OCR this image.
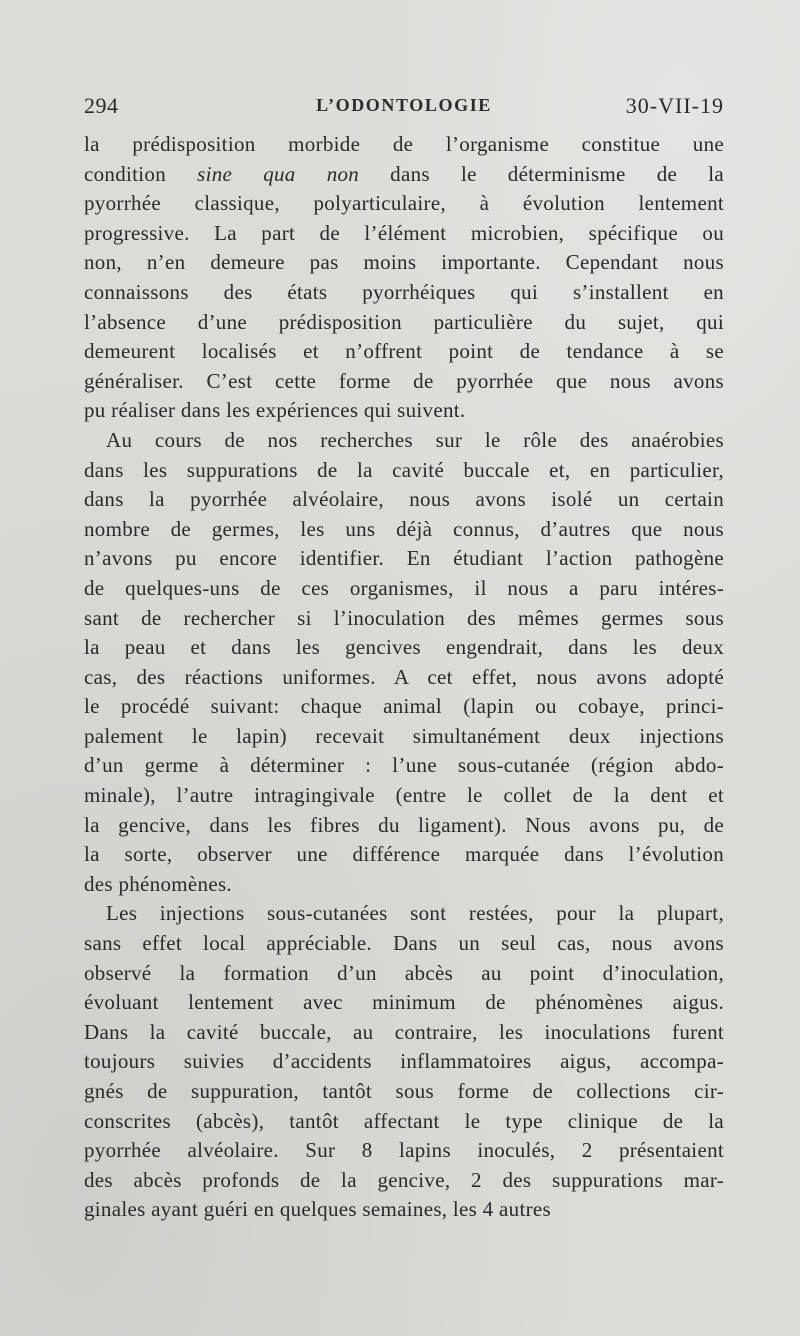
294	L’ODONTOLOGIE	30-VII-19
la prédisposition morbide de l’organisme constitue une
condition sine qua non dans le déterminisme de la
pyorrhée classique, polyarticulaire, à évolution lentement
progressive. La part de l’élément microbien, spécifique ou
non, n’en demeure pas moins importante. Cependant nous
connaissons des états pyorrhéiques qui s’installent en
l’absence d’une prédisposition particulière du sujet, qui
demeurent localisés et n’offrent point de tendance à se
généraliser. C’est cette forme de pyorrhée que nous avons
pu réaliser dans les expériences qui suivent.
Au cours de nos recherches sur le rôle des anaérobies
dans les suppurations de la cavité buccale et, en particulier,
dans la pyorrhée alvéolaire, nous avons isolé un certain
nombre de germes, les uns déjà connus, d’autres que nous
n’avons pu encore identifier. En étudiant l’action pathogène
de quelques-uns de ces organismes, il nous a paru intéres-
sant de rechercher si l’inoculation des mêmes germes sous
la peau et dans les gencives engendrait, dans les deux
cas, des réactions uniformes. A cet effet, nous avons adopté
le procédé suivant: chaque animal (lapin ou cobaye, princi-
palement le lapin) recevait simultanément deux injections
d’un germe à déterminer : l’une sous-cutanée (région abdo-
minale), l’autre intragingivale (entre le collet de la dent et
la gencive, dans les fibres du ligament). Nous avons pu, de
la sorte, observer une différence marquée dans l’évolution
des phénomènes.
Les injections sous-cutanées sont restées, pour la plupart,
sans effet local appréciable. Dans un seul cas, nous avons
observé la formation d’un abcès au point d’inoculation,
évoluant lentement avec minimum de phénomènes aigus.
Dans la cavité buccale, au contraire, les inoculations furent
toujours suivies d’accidents inflammatoires aigus, accompa-
gnés de suppuration, tantôt sous forme de collections cir-
conscrites (abcès), tantôt affectant le type clinique de la
pyorrhée alvéolaire. Sur 8 lapins inoculés, 2 présentaient
des abcès profonds de la gencive, 2 des suppurations mar-
ginales ayant guéri en quelques semaines, les 4 autres
